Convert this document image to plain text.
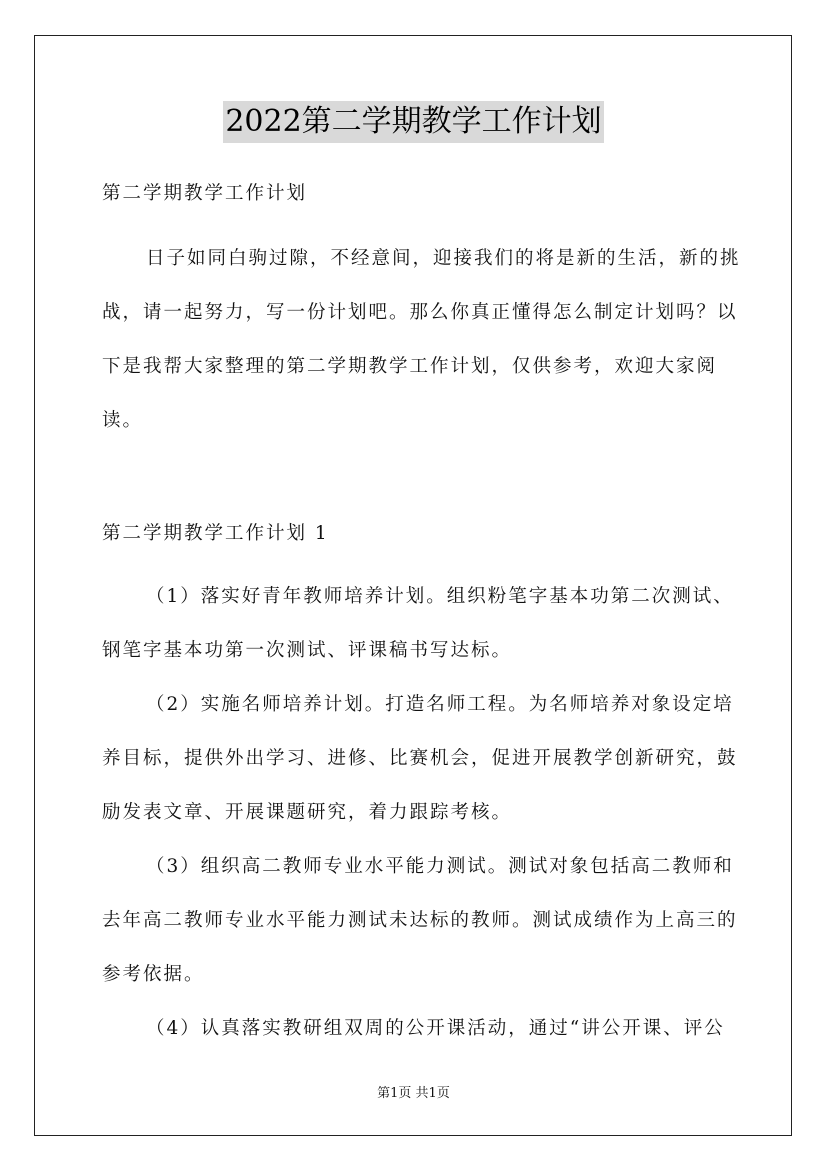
2022第二学期教学工作计划

第二学期教学工作计划

日子如同白驹过隙，不经意间，迎接我们的将是新的生活，新的挑战，请一起努力，写一份计划吧。那么你真正懂得怎么制定计划吗？以下是我帮大家整理的第二学期教学工作计划，仅供参考，欢迎大家阅读。

第二学期教学工作计划 1

（1）落实好青年教师培养计划。组织粉笔字基本功第二次测试、钢笔字基本功第一次测试、评课稿书写达标。

（2）实施名师培养计划。打造名师工程。为名师培养对象设定培养目标，提供外出学习、进修、比赛机会，促进开展教学创新研究，鼓励发表文章、开展课题研究，着力跟踪考核。

（3）组织高二教师专业水平能力测试。测试对象包括高二教师和去年高二教师专业水平能力测试未达标的教师。测试成绩作为上高三的参考依据。

（4）认真落实教研组双周的公开课活动，通过“讲公开课、评公

第1页 共1页
